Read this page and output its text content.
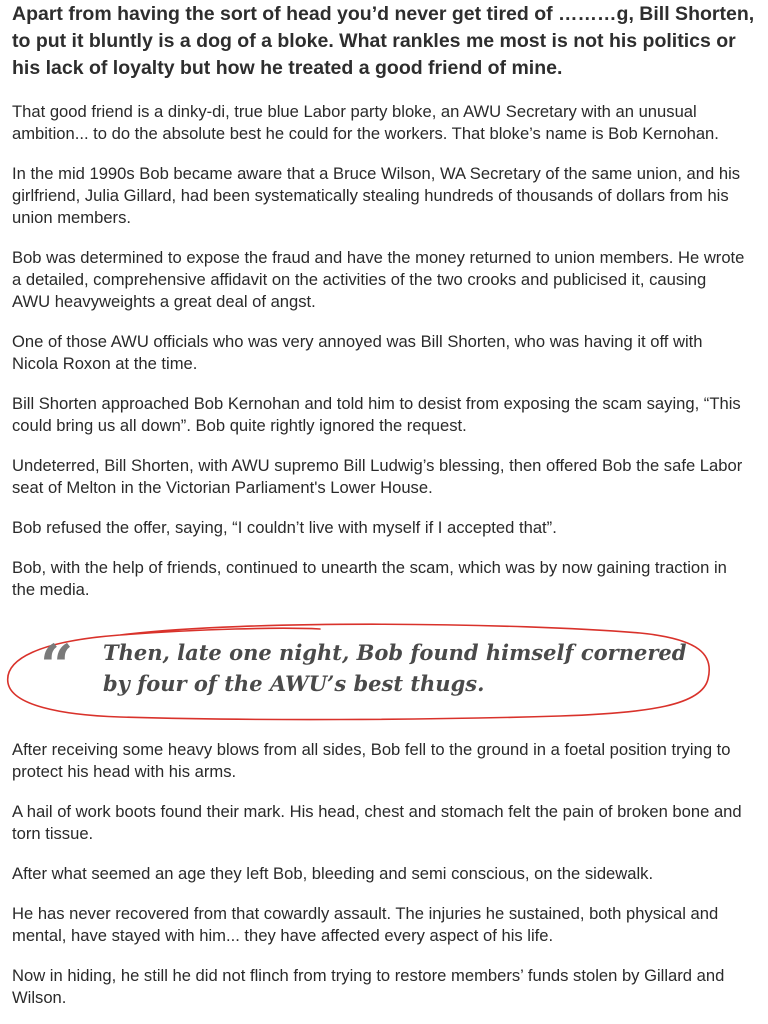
Apart from having the sort of head you’d never get tired of ………g, Bill Shorten,
to put it bluntly is a dog of a bloke. What rankles me most is not his politics or
his lack of loyalty but how he treated a good friend of mine.

That good friend is a dinky-di, true blue Labor party bloke, an AWU Secretary with an unusual ambition... to do the absolute best he could for the workers. That bloke’s name is Bob Kernohan.

In the mid 1990s Bob became aware that a Bruce Wilson, WA Secretary of the same union, and his girlfriend, Julia Gillard, had been systematically stealing hundreds of thousands of dollars from his union members.

Bob was determined to expose the fraud and have the money returned to union members. He wrote a detailed, comprehensive affidavit on the activities of the two crooks and publicised it, causing AWU heavyweights a great deal of angst.

One of those AWU officials who was very annoyed was Bill Shorten, who was having it off with Nicola Roxon at the time.

Bill Shorten approached Bob Kernohan and told him to desist from exposing the scam saying, “This could bring us all down”. Bob quite rightly ignored the request.

Undeterred, Bill Shorten, with AWU supremo Bill Ludwig’s blessing, then offered Bob the safe Labor seat of Melton in the Victorian Parliament's Lower House.

Bob refused the offer, saying, “I couldn’t live with myself if I accepted that”.

Bob, with the help of friends, continued to unearth the scam, which was by now gaining traction in the media.

“ Then, late one night, Bob found himself cornered by four of the AWU’s best thugs.

After receiving some heavy blows from all sides, Bob fell to the ground in a foetal position trying to protect his head with his arms.

A hail of work boots found their mark. His head, chest and stomach felt the pain of broken bone and torn tissue.

After what seemed an age they left Bob, bleeding and semi conscious, on the sidewalk.

He has never recovered from that cowardly assault. The injuries he sustained, both physical and mental, have stayed with him... they have affected every aspect of his life.

Now in hiding, he still he did not flinch from trying to restore members’ funds stolen by Gillard and Wilson.
